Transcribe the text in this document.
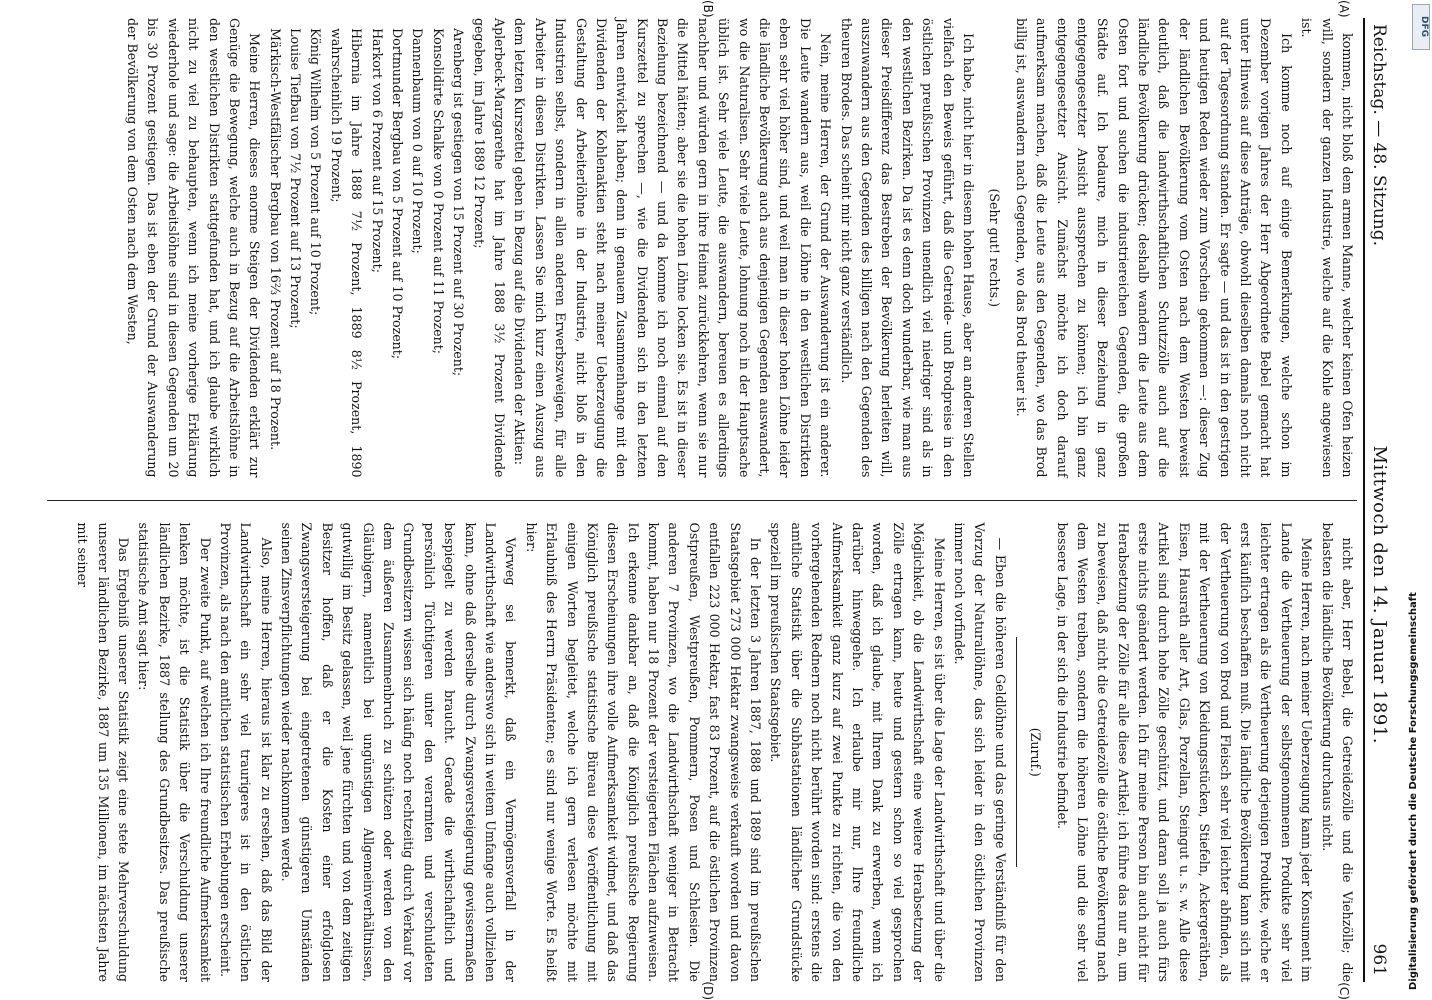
Reichstag. — 48. Sitzung.
Mittwoch den 14. Januar 1891.
961
(A)
(B)

kommen, nicht bloß dem armen Manne, welcher keinen Ofen heizen will, sondern der ganzen Industrie, welche auf die Kohle angewiesen ist.

Ich komme noch auf einige Bemerkungen, welche schon im Dezember vorigen Jahres der Herr Abgeordnete Bebel gemacht hat unter Hinweis auf diese Anträge, obwohl dieselben damals noch nicht auf der Tagesordnung standen. Er sagte — und das ist in den gestrigen und heutigen Reden wieder zum Vorschein gekommen —: dieser Zug der ländlichen Bevölkerung vom Osten nach dem Westen beweist deutlich, daß die landwirthschaftlichen Schutzzölle auch auf die ländliche Bevölkerung drücken; deshalb wandern die Leute aus dem Osten fort und suchen die industriereichen Gegenden, die großen Städte auf. Ich bedaure, mich in dieser Beziehung in ganz entgegengesetzter Ansicht aussprechen zu können; ich bin ganz entgegengesetzter Ansicht. Zunächst möchte ich doch darauf aufmerksam machen, daß die Leute aus den Gegenden, wo das Brod billig ist, auswandern nach Gegenden, wo das Brod theuer ist.

(Sehr gut! rechts.)

Ich habe, nicht hier in diesem hohen Hause, aber an anderen Stellen vielfach den Beweis geführt, daß die Getreide- und Brodpreise in den östlichen preußischen Provinzen unendlich viel niedriger sind als in den westlichen Bezirken. Da ist es denn doch wunderbar, wie man aus dieser Preisdifferenz das Bestreben der Bevölkerung herleiten will, auszuwandern aus den Gegenden des billigen nach den Gegenden des theuren Brodes. Das scheint mir nicht ganz verständlich.

Nein, meine Herren, der Grund der Auswanderung ist ein anderer. Die Leute wandern aus, weil die Löhne in den westlichen Distrikten eben sehr viel höher sind, und weil man in dieser hohen Löhne leider die ländliche Bevölkerung auch aus denjenigen Gegenden auswandert, wo die Naturalisen. Sehr viele Leute, lohnung noch in der Hauptsache üblich ist. Sehr viele Leute, die auswandern, bereuen es allerdings nachher und würden gern in ihre Heimat zurückkehren, wenn sie nur die Mittel hätten; aber sie die hohen Löhne locken sie. Es ist in dieser Beziehung bezeichnend — und da komme ich noch einmal auf den Kurszettel zu sprechen —, wie die Dividenden sich in den letzten Jahren entwickelt haben; denn in genauem Zusammenhange mit den Dividenden der Kohlenaktien steht nach meiner Ueberzeugung die Gestaltung der Arbeiterlöhne in der Industrie, nicht bloß in den Industrien selbst, sondern in allen anderen Erwerbszweigen, für alle Arbeiter in diesen Distrikten. Lassen Sie mich kurz einen Auszug aus dem letzten Kurszettel geben in Bezug auf die Dividenden der Aktien:

Aplerbeck-Marzgarethe hat im Jahre 1888 3½ Prozent Dividende gegeben, im Jahre 1889 12 Prozent;

Arenberg ist gestiegen von 15 Prozent auf 30 Prozent;

Konsolidirte Schalke von 0 Prozent auf 11 Prozent;

Dannenbaum von 0 auf 10 Prozent;

Dortmunder Bergbau von 5 Prozent auf 10 Prozent;

Harkort von 6 Prozent auf 15 Prozent;

Hibernia im Jahre 1888 7½ Prozent, 1889 8½ Prozent, 1890 wahrscheinlich 19 Prozent;

König Wilhelm von 5 Prozent auf 10 Prozent;

Louise Tiefbau von 7½ Prozent auf 13 Prozent;

Märkisch-Westfälischer Bergbau von 16⅔ Prozent auf 18 Prozent.

Meine Herren, dieses enorme Steigen der Dividenden erklärt zur Genüge die Bewegung, welche auch in Bezug auf die Arbeitslöhne in den westlichen Distrikten stattgefunden hat, und ich glaube wirklich nicht zu viel zu behaupten, wenn ich meine vorherige Erklärung wiederhole und sage: die Arbeitslöhne sind in diesen Gegenden um 20 bis 30 Prozent gestiegen. Das ist eben der Grund der Auswanderung der Bevölkerung von dem Osten nach dem Westen,

(C)
(D)

nicht aber, Herr Bebel, die Getreidezölle und die Viehzölle; die belasten die ländliche Bevölkerung durchaus nicht.

Meine Herren, nach meiner Ueberzeugung kann jeder Konsument im Lande die Vertheuerung der selbstgenommenen Produkte sehr viel leichter ertragen als die Vertheuerung derjenigen Produkte, welche er erst käuflich beschaffen muß. Die ländliche Bevölkerung kann sich mit der Vertheuerung von Brod und Fleisch sehr viel leichter abfinden, als mit der Vertheuerung von Kleidungsstücken, Stiefeln, Ackergeräthen, Eisen, Hausrath aller Art, Glas, Porzellan, Steingut u. s. w. Alle diese Artikel sind durch hohe Zölle geschützt, und daran soll ja auch fürs erste nichts geändert werden. Ich für meine Person bin auch nicht für Herabsetzung der Zölle für alle diese Artikel; ich führe das nur an, um zu beweisen, daß nicht die Getreidezölle die östliche Bevölkerung nach dem Westen treiben, sondern die höheren Löhne und die sehr viel bessere Lage, in der sich die Industrie befindet.

(Zuruf.)

— Eben die höheren Geldlöhne und das geringe Verständniß für den Vorzug der Naturallöhne, das sich leider in den östlichen Provinzen immer noch vorfindet.

Meine Herren, es ist über die Lage der Landwirthschaft und über die Möglichkeit, ob die Landwirthschaft eine weitere Herabsetzung der Zölle ertragen kann, heute und gestern schon so viel gesprochen worden, daß ich glaube, mit Ihrem Dank zu erwerben, wenn ich darüber hinweggehe. Ich erlaube mir nur, Ihre freundliche Aufmerksamkeit ganz kurz auf zwei Punkte zu richten, die von den vorhergehenden Rednern noch nicht berührt worden sind: erstens die amtliche Statistik über die Subhastationen ländlicher Grundstücke speziell im preußischen Staatsgebiet.

In der letzten 3 Jahren 1887, 1888 und 1889 sind im preußischen Staatsgebiet 273 000 Hektar zwangsweise verkauft worden und davon entfallen 223 000 Hektar, fast 83 Prozent, auf die östlichen Provinzen Ostpreußen, Westpreußen, Pommern, Posen und Schlesien. Die anderen 7 Provinzen, wo die Landwirthschaft weniger in Betracht kommt, haben nur 18 Prozent der versteigerten Flächen aufzuweisen. Ich erkenne dankbar an, daß die Königlich preußische Regierung diesen Erscheinungen ihre volle Aufmerksamkeit widmet, und daß das Königlich preußische statistische Büreau diese Veröffentlichung mit einigen Worten begleitet, welche ich gern verlesen möchte mit Erlaubniß des Herrn Präsidenten; es sind nur wenige Worte. Es heißt hier:

Vorweg sei bemerkt, daß ein Vermögensverfall in der Landwirthschaft wie anderswo sich in weitem Umfange auch vollziehen kann, ohne daß derselbe durch Zwangsversteigerung gewissermaßen bespiegelt zu werden braucht. Gerade die wirthschaftlich und persönlich Tüchtigeren unter den verarmten und verschuldeten Grundbesitzern wissen sich häufig noch rechtzeitig durch Verkauf vor dem äußeren Zusammenbruch zu schützen oder werden von den Gläubigern, namentlich bei ungünstigen Allgemeinverhältnissen, gutwillig im Besitz gelassen, weil jene fürchten und von dem zeitigen Besitzer hoffen, daß er die Kosten einer erfolglosen Zwangsversteigerung bei eingetretenen günstigeren Umständen seinen Zinsverpflichtungen wieder nachkommen werde.

Also, meine Herren, hieraus ist klar zu ersehen, daß das Bild der Landwirthschaft ein sehr viel traurigeres ist in den östlichen Provinzen, als nach den amtlichen statistischen Erhebungen erscheint.

Der zweite Punkt, auf welchen ich Ihre freundliche Aufmerksamkeit lenken möchte, ist die Statistik über die Verschuldung unserer ländlichen Bezirke, 1887 stellung des Grundbesitzes. Das preußische statistische Amt sagt hier:

Das Ergebniß unserer Statistik zeigt eine stete Mehrverschuldung unserer ländlichen Bezirke, 1887 um 135 Millionen, im nächsten Jahre mit seiner

Digitalisierung gefördert durch die Deutsche Forschungsgemeinschaft
DFG
